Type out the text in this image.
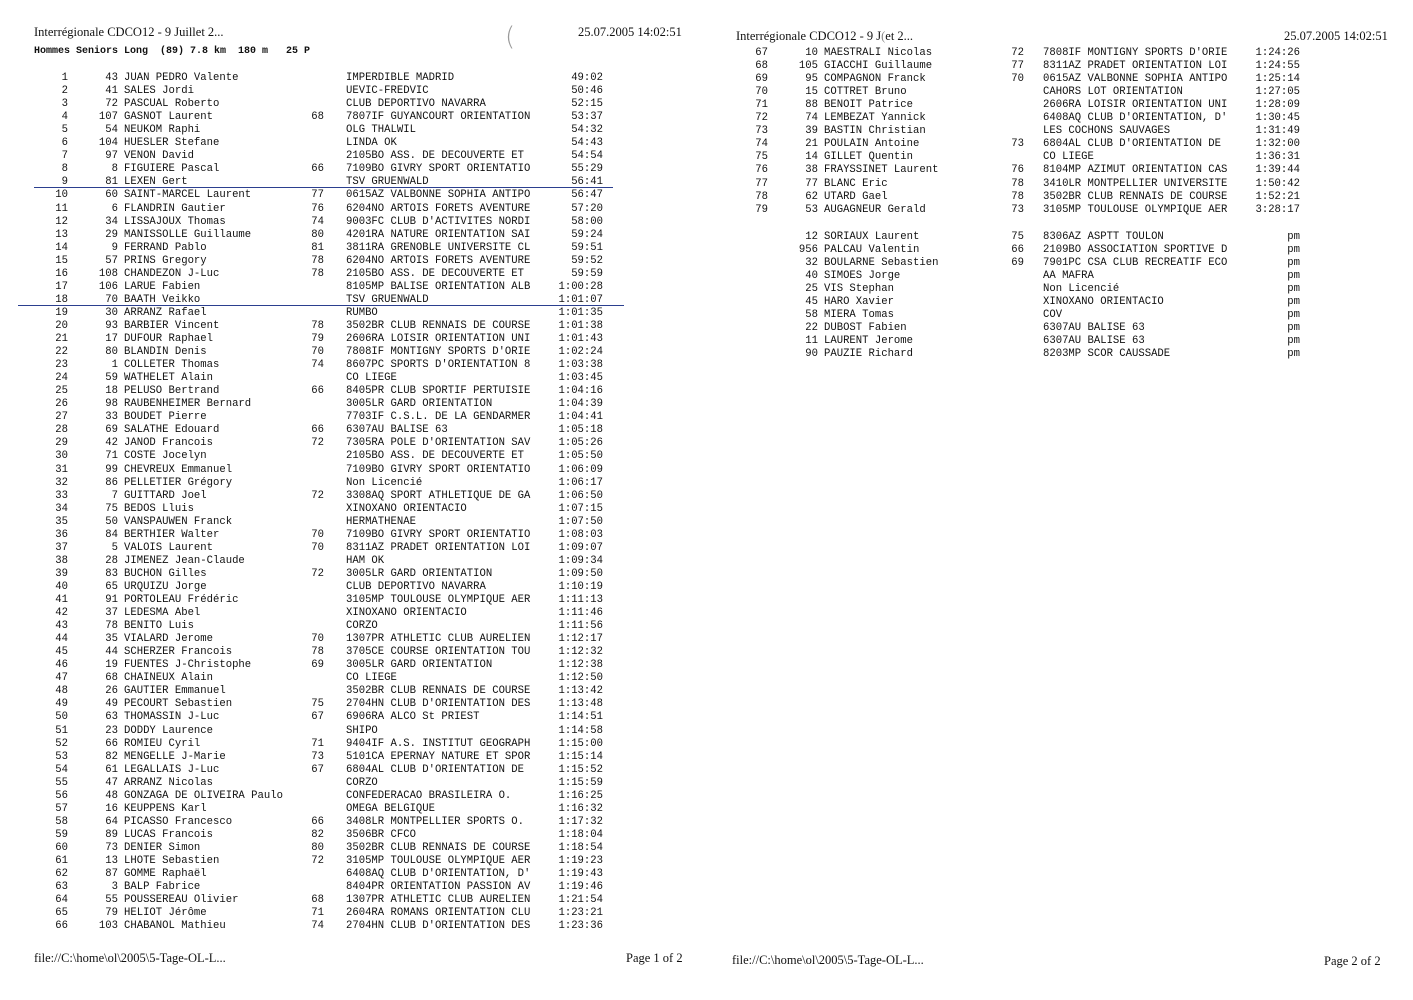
Interrégionale CDCO12 - 9 Juillet 2...	25.07.2005 14:02:51
(
Hommes Seniors Long  (89) 7.8 km  180 m   25 P
1	43 JUAN PEDRO Valente	IMPERDIBLE MADRID	49:02
2	41 SALES Jordi	UEVIC-FREDVIC	50:46
3	72 PASCUAL Roberto	CLUB DEPORTIVO NAVARRA	52:15
4	107 GASNOT Laurent	68 7807IF GUYANCOURT ORIENTATION	53:37
5	54 NEUKOM Raphi	OLG THALWIL	54:32
6	104 HUESLER Stefane	LINDA OK	54:43
7	97 VENON David	2105BO ASS. DE DECOUVERTE ET	54:54
8	8 FIGUIERE Pascal	66 7109BO GIVRY SPORT ORIENTATIO	55:29
9	81 LEXEN Gert	TSV GRUENWALD	56:41
10	60 SAINT-MARCEL Laurent	77 0615AZ VALBONNE SOPHIA ANTIPO	56:47
11	6 FLANDRIN Gautier	76 6204NO ARTOIS FORETS AVENTURE	57:20
12	34 LISSAJOUX Thomas	74 9003FC CLUB D'ACTIVITES NORDI	58:00
13	29 MANISSOLLE Guillaume	80 4201RA NATURE ORIENTATION SAI	59:24
14	9 FERRAND Pablo	81 3811RA GRENOBLE UNIVERSITE CL	59:51
15	57 PRINS Gregory	78 6204NO ARTOIS FORETS AVENTURE	59:52
16	108 CHANDEZON J-Luc	78 2105BO ASS. DE DECOUVERTE ET	59:59
17	106 LARUE Fabien	8105MP BALISE ORIENTATION ALB	1:00:28
18	70 BAATH Veikko	TSV GRUENWALD	1:01:07
19	30 ARRANZ Rafael	RUMBO	1:01:35
20	93 BARBIER Vincent	78 3502BR CLUB RENNAIS DE COURSE	1:01:38
21	17 DUFOUR Raphael	79 2606RA LOISIR ORIENTATION UNI	1:01:43
22	80 BLANDIN Denis	70 7808IF MONTIGNY SPORTS D'ORIE	1:02:24
23	1 COLLETER Thomas	74 8607PC SPORTS D'ORIENTATION 8	1:03:38
24	59 WATHELET Alain	CO LIEGE	1:03:45
25	18 PELUSO Bertrand	66 8405PR CLUB SPORTIF PERTUISIE	1:04:16
26	98 RAUBENHEIMER Bernard	3005LR GARD ORIENTATION	1:04:39
27	33 BOUDET Pierre	7703IF C.S.L. DE LA GENDARMER	1:04:41
28	69 SALATHE Edouard	66 6307AU BALISE 63	1:05:18
29	42 JANOD Francois	72 7305RA POLE D'ORIENTATION SAV	1:05:26
30	71 COSTE Jocelyn	2105BO ASS. DE DECOUVERTE ET	1:05:50
31	99 CHEVREUX Emmanuel	7109BO GIVRY SPORT ORIENTATIO	1:06:09
32	86 PELLETIER Grégory	Non Licencié	1:06:17
33	7 GUITTARD Joel	72 3308AQ SPORT ATHLETIQUE DE GA	1:06:50
34	75 BEDOS Lluis	XINOXANO ORIENTACIO	1:07:15
35	50 VANSPAUWEN Franck	HERMATHENAE	1:07:50
36	84 BERTHIER Walter	70 7109BO GIVRY SPORT ORIENTATIO	1:08:03
37	5 VALOIS Laurent	70 8311AZ PRADET ORIENTATION LOI	1:09:07
38	28 JIMENEZ Jean-Claude	HAM OK	1:09:34
39	83 BUCHON Gilles	72 3005LR GARD ORIENTATION	1:09:50
40	65 URQUIZU Jorge	CLUB DEPORTIVO NAVARRA	1:10:19
41	91 PORTOLEAU Frédéric	3105MP TOULOUSE OLYMPIQUE AER	1:11:13
42	37 LEDESMA Abel	XINOXANO ORIENTACIO	1:11:46
43	78 BENITO Luis	CORZO	1:11:56
44	35 VIALARD Jerome	70 1307PR ATHLETIC CLUB AURELIEN	1:12:17
45	44 SCHERZER Francois	78 3705CE COURSE ORIENTATION TOU	1:12:32
46	19 FUENTES J-Christophe	69 3005LR GARD ORIENTATION	1:12:38
47	68 CHAINEUX Alain	CO LIEGE	1:12:50
48	26 GAUTIER Emmanuel	3502BR CLUB RENNAIS DE COURSE	1:13:42
49	49 PECOURT Sebastien	75 2704HN CLUB D'ORIENTATION DES	1:13:48
50	63 THOMASSIN J-Luc	67 6906RA ALCO St PRIEST	1:14:51
51	23 DODDY Laurence	SHIPO	1:14:58
52	66 ROMIEU Cyril	71 9404IF A.S. INSTITUT GEOGRAPH	1:15:00
53	82 MENGELLE J-Marie	73 5101CA EPERNAY NATURE ET SPOR	1:15:14
54	61 LEGALLAIS J-Luc	67 6804AL CLUB D'ORIENTATION DE	1:15:52
55	47 ARRANZ Nicolas	CORZO	1:15:59
56	48 GONZAGA DE OLIVEIRA Paulo	CONFEDERACAO BRASILEIRA O.	1:16:25
57	16 KEUPPENS Karl	OMEGA BELGIQUE	1:16:32
58	64 PICASSO Francesco	66 3408LR MONTPELLIER SPORTS O.	1:17:32
59	89 LUCAS Francois	82 3506BR CFCO	1:18:04
60	73 DENIER Simon	80 3502BR CLUB RENNAIS DE COURSE	1:18:54
61	13 LHOTE Sebastien	72 3105MP TOULOUSE OLYMPIQUE AER	1:19:23
62	87 GOMME Raphaël	6408AQ CLUB D'ORIENTATION, D'	1:19:43
63	3 BALP Fabrice	8404PR ORIENTATION PASSION AV	1:19:46
64	55 POUSSEREAU Olivier	68 1307PR ATHLETIC CLUB AURELIEN	1:21:54
65	79 HELIOT Jérôme	71 2604RA ROMANS ORIENTATION CLU	1:23:21
66	103 CHABANOL Mathieu	74 2704HN CLUB D'ORIENTATION DES	1:23:36
file://C:\home\ol\2005\5-Tage-OL-L...	Page 1 of 2
Interrégionale CDCO12 - 9 J(et 2...	25.07.2005 14:02:51
67	10 MAESTRALI Nicolas	72 7808IF MONTIGNY SPORTS D'ORIE	1:24:26
68	105 GIACCHI Guillaume	77 8311AZ PRADET ORIENTATION LOI	1:24:55
69	95 COMPAGNON Franck	70 0615AZ VALBONNE SOPHIA ANTIPO	1:25:14
70	15 COTTRET Bruno	CAHORS LOT ORIENTATION	1:27:05
71	88 BENOIT Patrice	2606RA LOISIR ORIENTATION UNI	1:28:09
72	74 LEMBEZAT Yannick	6408AQ CLUB D'ORIENTATION, D'	1:30:45
73	39 BASTIN Christian	LES COCHONS SAUVAGES	1:31:49
74	21 POULAIN Antoine	73 6804AL CLUB D'ORIENTATION DE	1:32:00
75	14 GILLET Quentin	CO LIEGE	1:36:31
76	38 FRAYSSINET Laurent	76 8104MP AZIMUT ORIENTATION CAS	1:39:44
77	77 BLANC Eric	78 3410LR MONTPELLIER UNIVERSITE	1:50:42
78	62 UTARD Gael	78 3502BR CLUB RENNAIS DE COURSE	1:52:21
79	53 AUGAGNEUR Gerald	73 3105MP TOULOUSE OLYMPIQUE AER	3:28:17
12 SORIAUX Laurent	75 8306AZ ASPTT TOULON	pm
956 PALCAU Valentin	66 2109BO ASSOCIATION SPORTIVE D	pm
32 BOULARNE Sebastien	69 7901PC CSA CLUB RECREATIF ECO	pm
40 SIMOES Jorge	AA MAFRA	pm
25 VIS Stephan	Non Licencié	pm
45 HARO Xavier	XINOXANO ORIENTACIO	pm
58 MIERA Tomas	COV	pm
22 DUBOST Fabien	6307AU BALISE 63	pm
11 LAURENT Jerome	6307AU BALISE 63	pm
90 PAUZIE Richard	8203MP SCOR CAUSSADE	pm
file://C:\home\ol\2005\5-Tage-OL-L...	Page 2 of 2
